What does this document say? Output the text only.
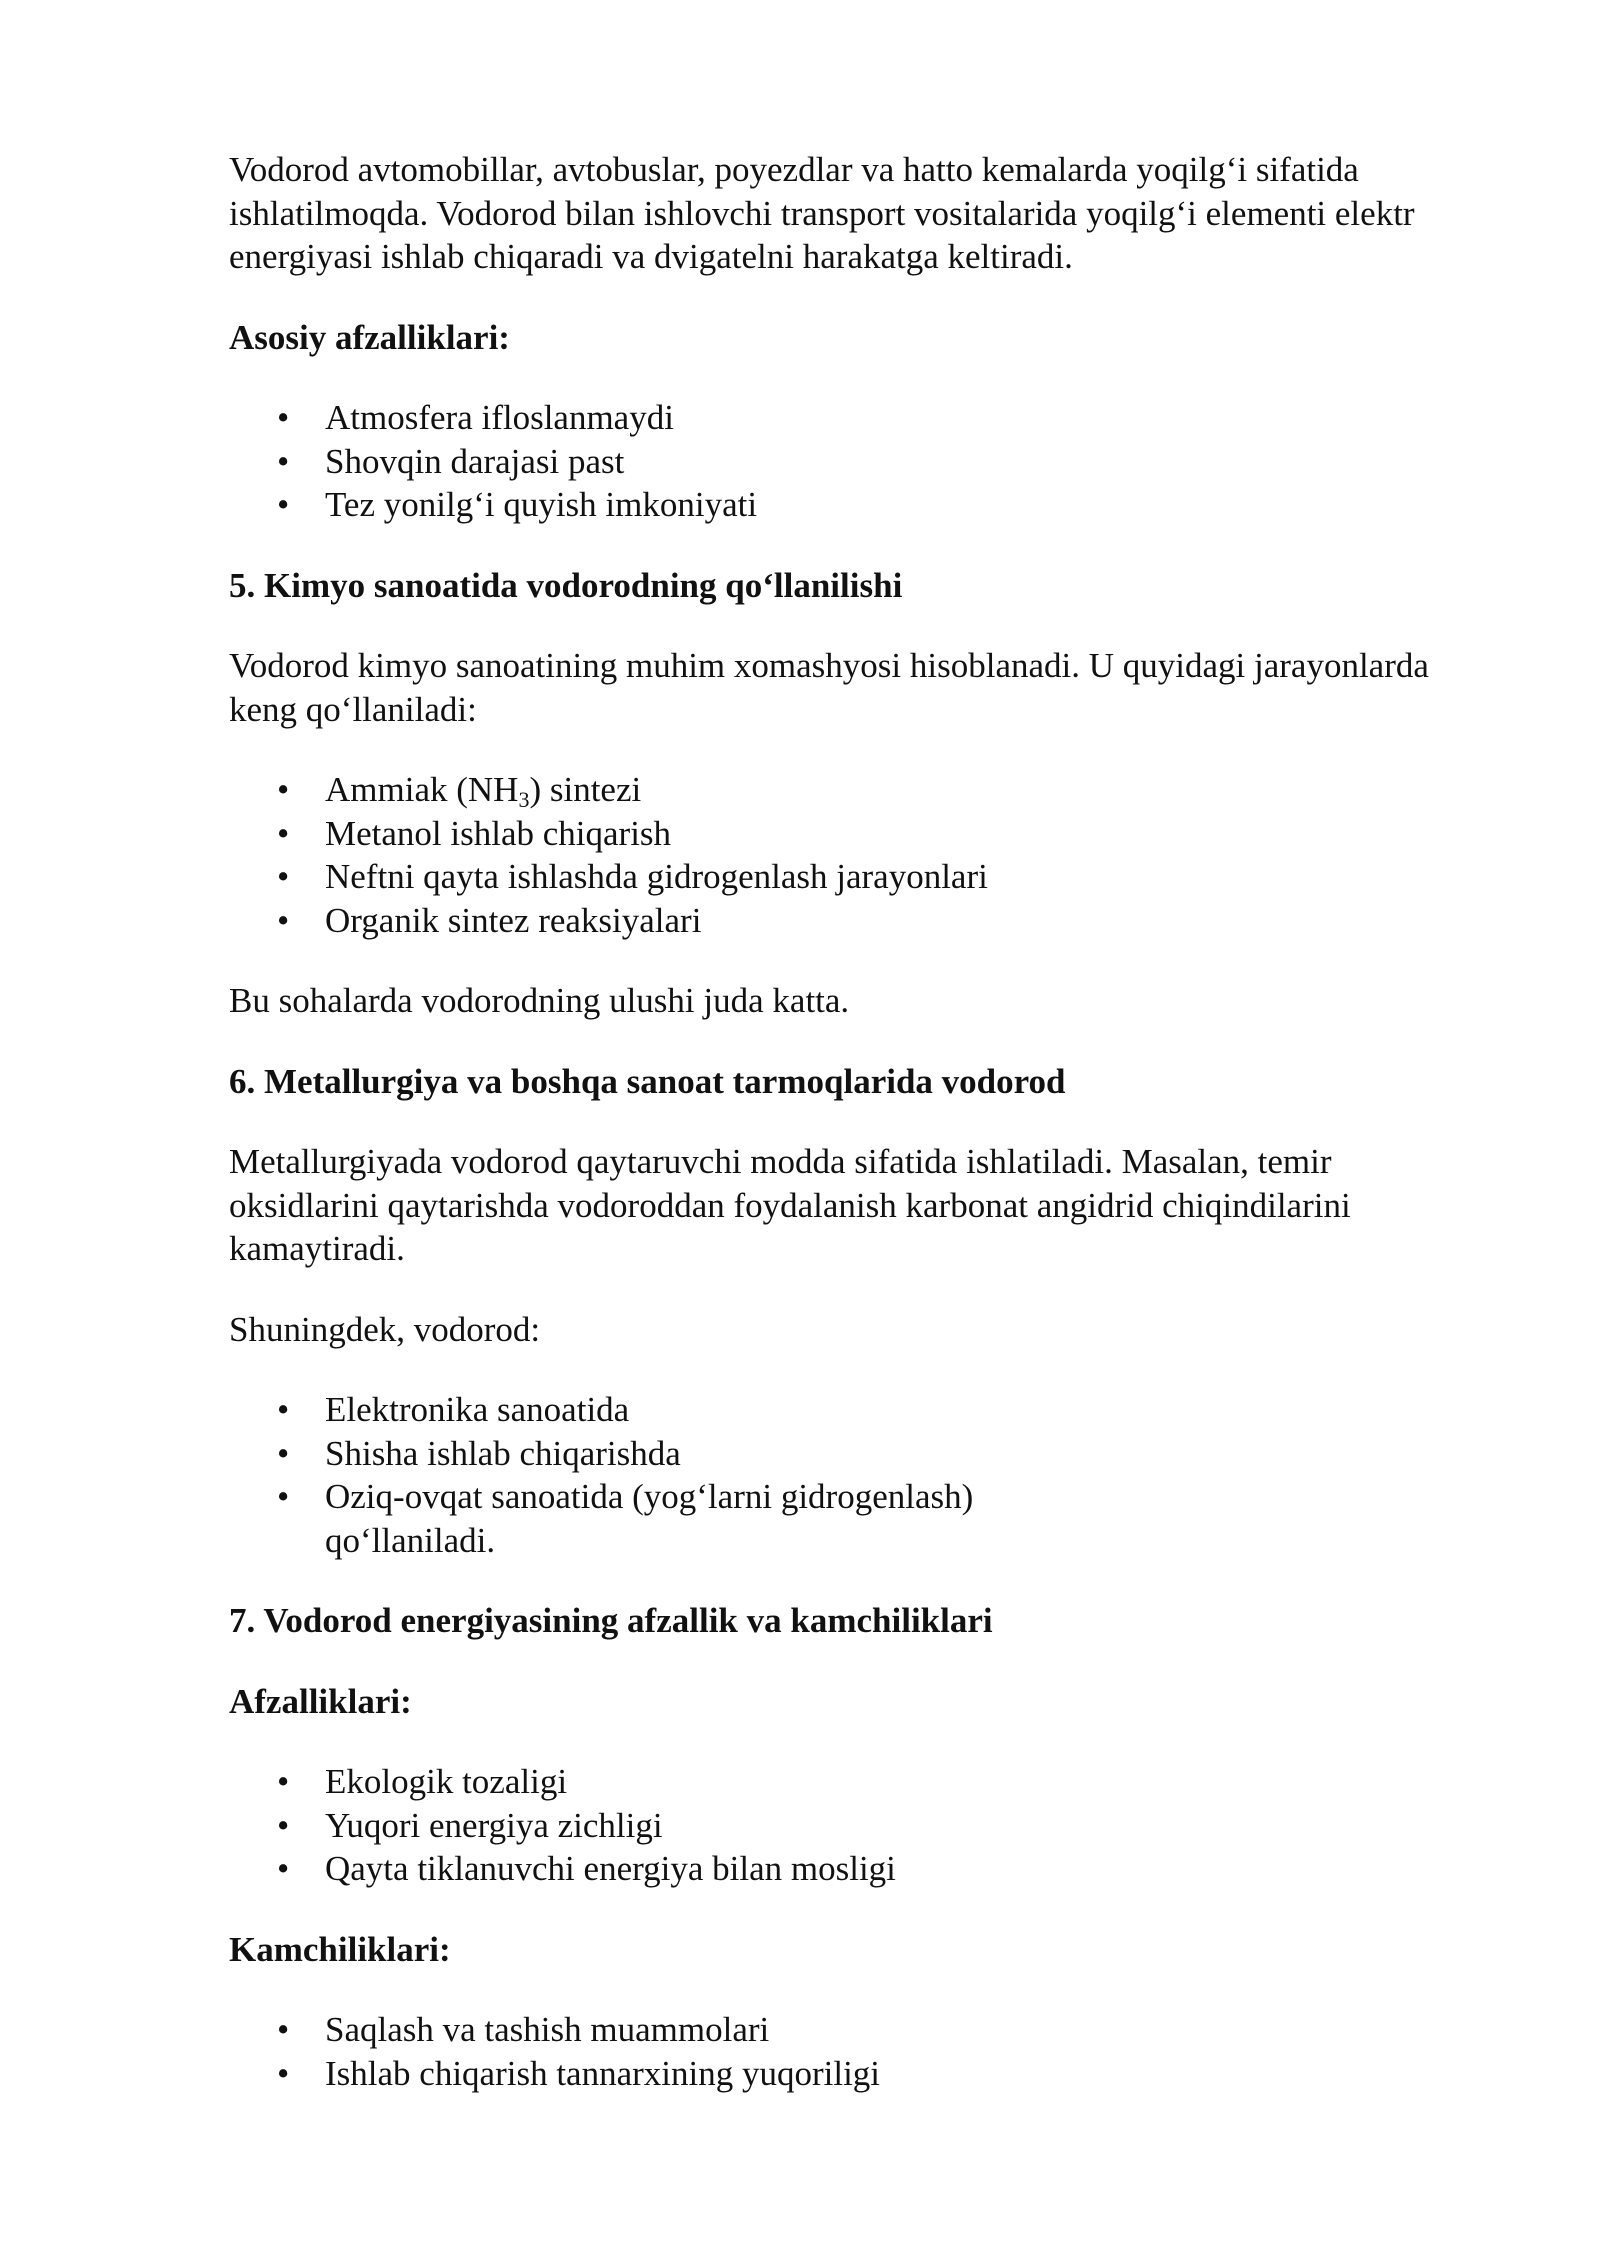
Vodorod avtomobillar, avtobuslar, poyezdlar va hatto kemalarda yoqilg‘i sifatida ishlatilmoqda. Vodorod bilan ishlovchi transport vositalarida yoqilg‘i elementi elektr energiyasi ishlab chiqaradi va dvigatelni harakatga keltiradi.

Asosiy afzalliklari:

• Atmosfera ifloslanmaydi
• Shovqin darajasi past
• Tez yonilg‘i quyish imkoniyati

5. Kimyo sanoatida vodorodning qo‘llanilishi

Vodorod kimyo sanoatining muhim xomashyosi hisoblanadi. U quyidagi jarayonlarda keng qo‘llaniladi:

• Ammiak $(NH_3)$ sintezi
• Metanol ishlab chiqarish
• Neftni qayta ishlashda gidrogenlash jarayonlari
• Organik sintez reaksiyalari

Bu sohalarda vodorodning ulushi juda katta.

6. Metallurgiya va boshqa sanoat tarmoqlarida vodorod

Metallurgiyada vodorod qaytaruvchi modda sifatida ishlatiladi. Masalan, temir oksidlarini qaytarishda vodoroddan foydalanish karbonat angidrid chiqindilarini kamaytiradi.

Shuningdek, vodorod:

• Elektronika sanoatida
• Shisha ishlab chiqarishda
• Oziq-ovqat sanoatida (yog‘larni gidrogenlash) qo‘llaniladi.

7. Vodorod energiyasining afzallik va kamchiliklari

Afzalliklari:

• Ekologik tozaligi
• Yuqori energiya zichligi
• Qayta tiklanuvchi energiya bilan mosligi

Kamchiliklari:

• Saqlash va tashish muammolari
• Ishlab chiqarish tannarxining yuqoriligi
